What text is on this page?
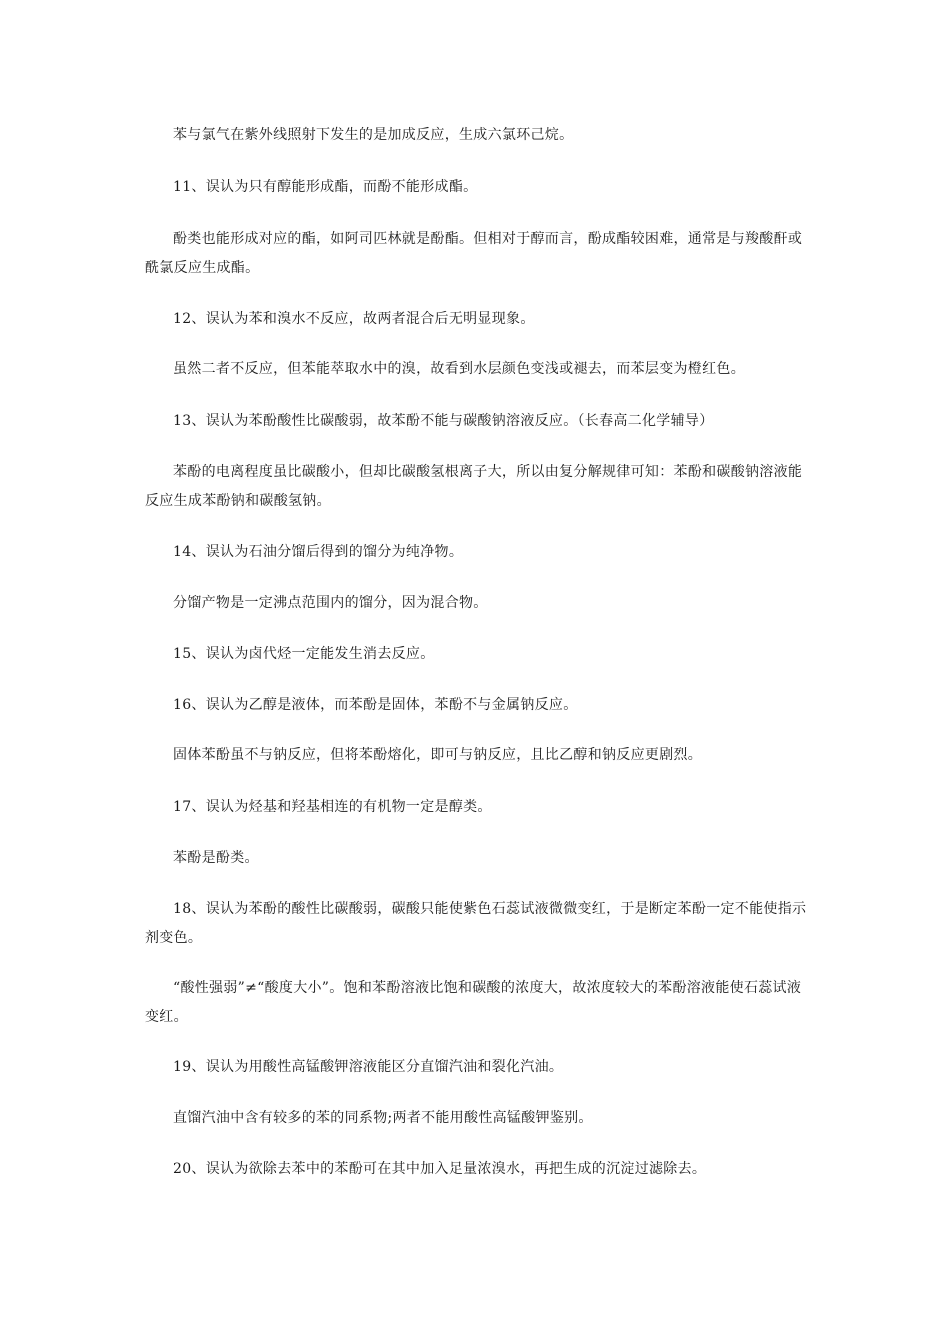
苯与氯气在紫外线照射下发生的是加成反应，生成六氯环己烷。

11、误认为只有醇能形成酯，而酚不能形成酯。

酚类也能形成对应的酯，如阿司匹林就是酚酯。但相对于醇而言，酚成酯较困难，通常是与羧酸酐或酰氯反应生成酯。

12、误认为苯和溴水不反应，故两者混合后无明显现象。

虽然二者不反应，但苯能萃取水中的溴，故看到水层颜色变浅或褪去，而苯层变为橙红色。

13、误认为苯酚酸性比碳酸弱，故苯酚不能与碳酸钠溶液反应。（长春高二化学辅导）

苯酚的电离程度虽比碳酸小，但却比碳酸氢根离子大，所以由复分解规律可知：苯酚和碳酸钠溶液能反应生成苯酚钠和碳酸氢钠。

14、误认为石油分馏后得到的馏分为纯净物。

分馏产物是一定沸点范围内的馏分，因为混合物。

15、误认为卤代烃一定能发生消去反应。

16、误认为乙醇是液体，而苯酚是固体，苯酚不与金属钠反应。

固体苯酚虽不与钠反应，但将苯酚熔化，即可与钠反应，且比乙醇和钠反应更剧烈。

17、误认为烃基和羟基相连的有机物一定是醇类。

苯酚是酚类。

18、误认为苯酚的酸性比碳酸弱，碳酸只能使紫色石蕊试液微微变红，于是断定苯酚一定不能使指示剂变色。

“酸性强弱”≠“酸度大小”。饱和苯酚溶液比饱和碳酸的浓度大，故浓度较大的苯酚溶液能使石蕊试液变红。

19、误认为用酸性高锰酸钾溶液能区分直馏汽油和裂化汽油。

直馏汽油中含有较多的苯的同系物;两者不能用酸性高锰酸钾鉴别。

20、误认为欲除去苯中的苯酚可在其中加入足量浓溴水，再把生成的沉淀过滤除去。
